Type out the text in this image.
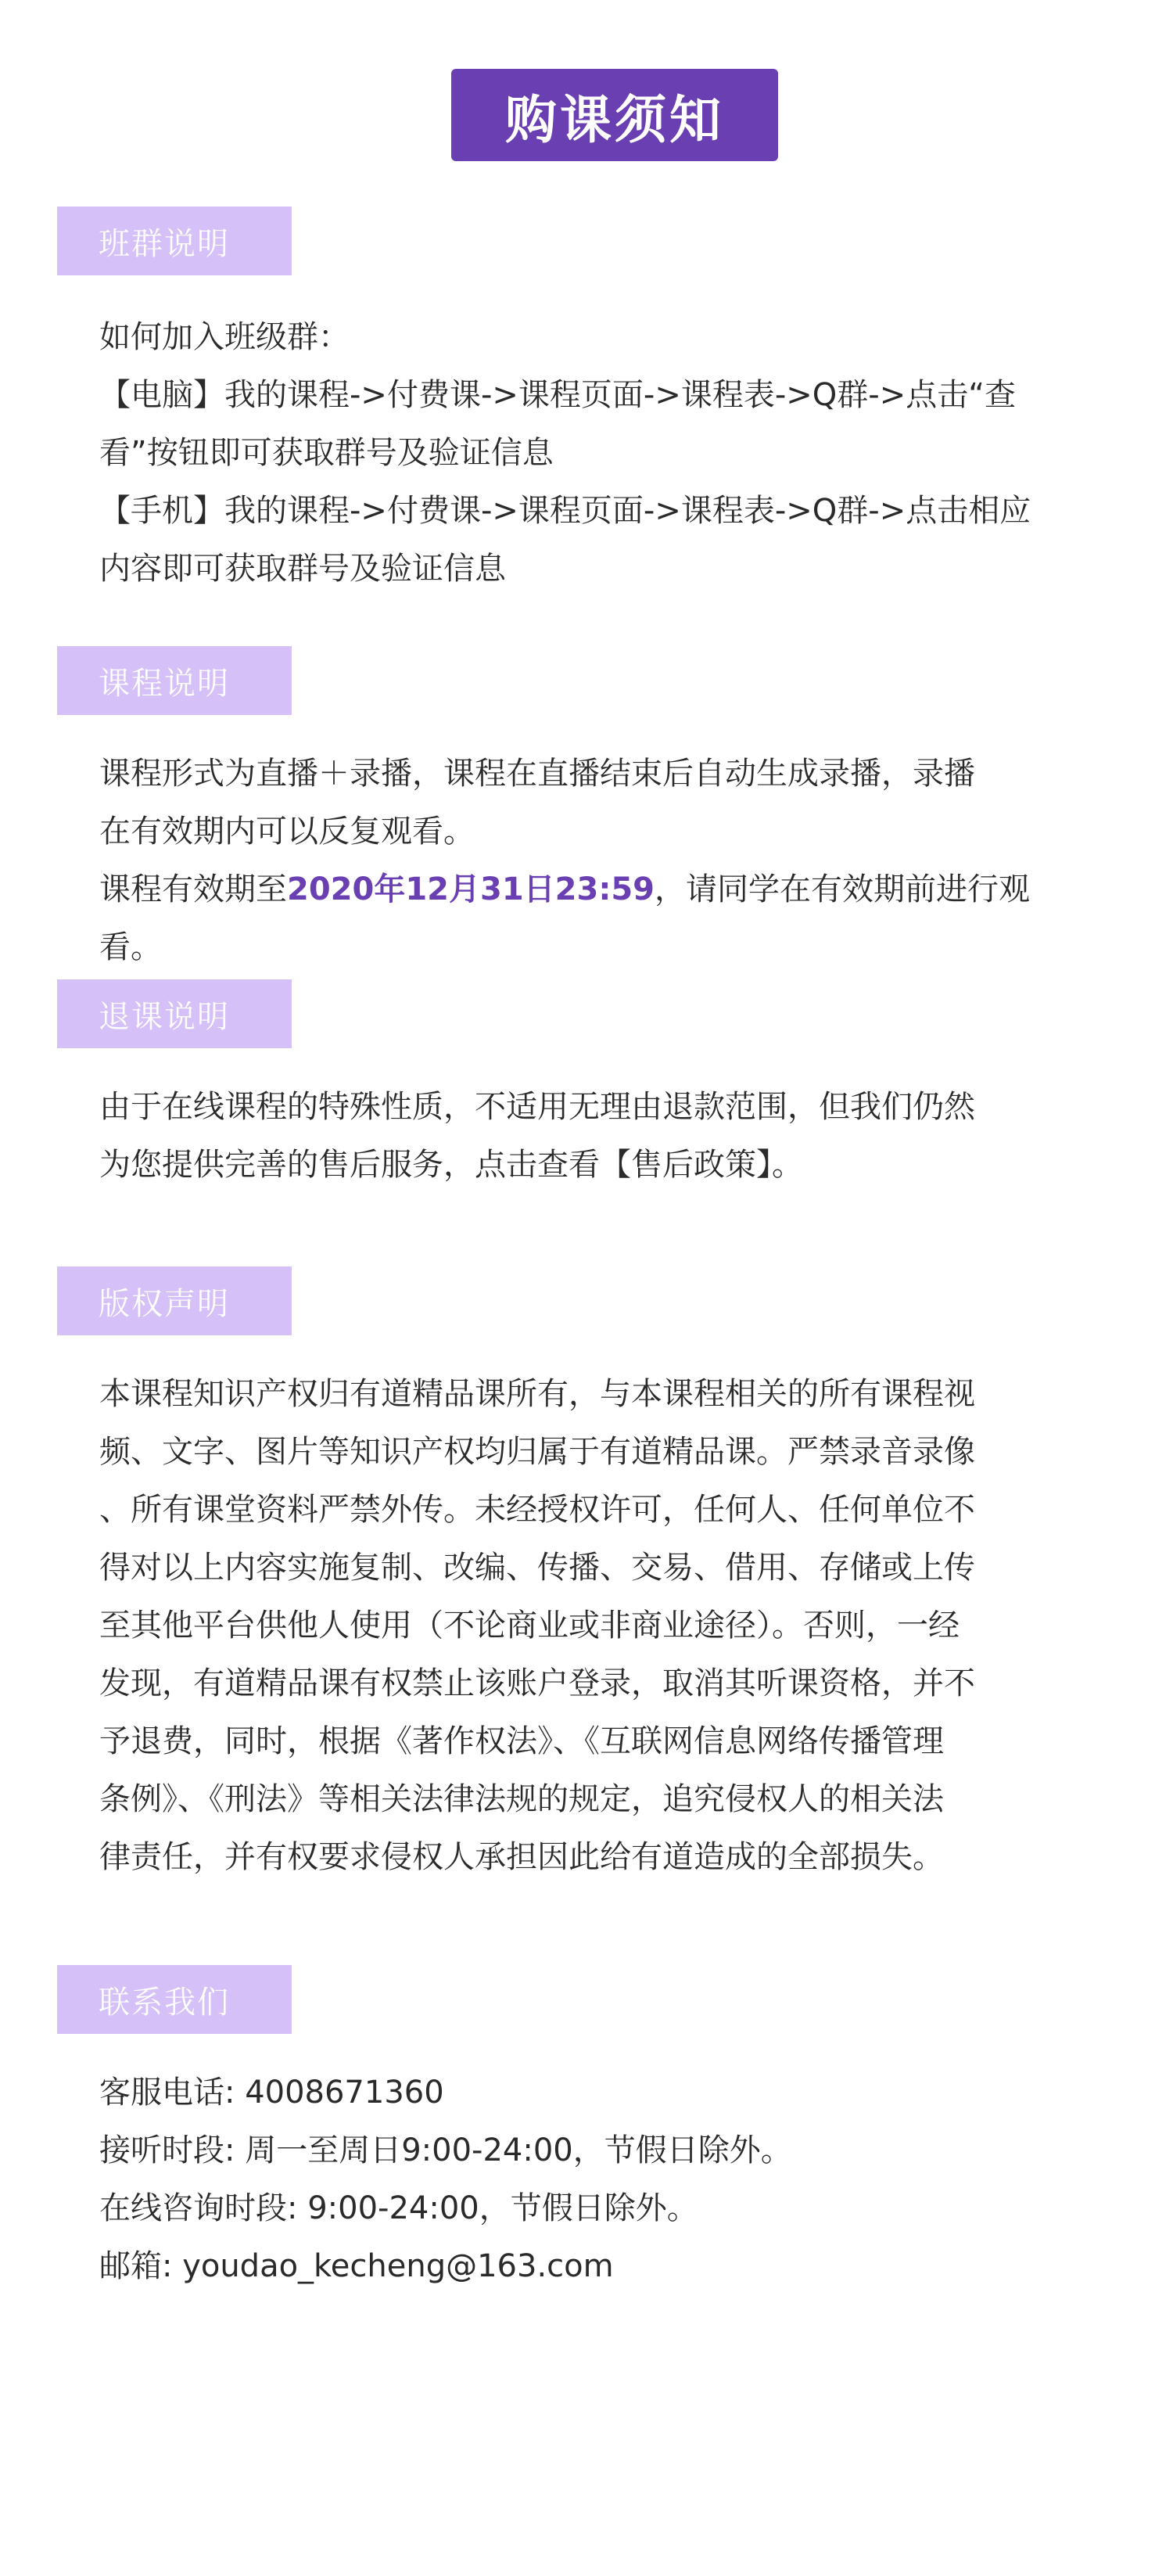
购课须知
班群说明
如何加入班级群：
【电脑】我的课程->付费课->课程页面->课程表->Q群->点击“查
看”按钮即可获取群号及验证信息
【手机】我的课程->付费课->课程页面->课程表->Q群->点击相应
内容即可获取群号及验证信息
课程说明
课程形式为直播＋录播，课程在直播结束后自动生成录播，录播
在有效期内可以反复观看。
课程有效期至2020年12月31日23:59，请同学在有效期前进行观
看。
退课说明
由于在线课程的特殊性质，不适用无理由退款范围，但我们仍然
为您提供完善的售后服务，点击查看【售后政策】。
版权声明
本课程知识产权归有道精品课所有，与本课程相关的所有课程视
频、文字、图片等知识产权均归属于有道精品课。严禁录音录像
、所有课堂资料严禁外传。未经授权许可，任何人、任何单位不
得对以上内容实施复制、改编、传播、交易、借用、存储或上传
至其他平台供他人使用（不论商业或非商业途径）。否则，一经
发现，有道精品课有权禁止该账户登录，取消其听课资格，并不
予退费，同时，根据《著作权法》、《互联网信息网络传播管理
条例》、《刑法》等相关法律法规的规定，追究侵权人的相关法
律责任，并有权要求侵权人承担因此给有道造成的全部损失。
联系我们
客服电话: 4008671360
接听时段: 周一至周日9:00-24:00，节假日除外。
在线咨询时段: 9:00-24:00，节假日除外。
邮箱: youdao_kecheng@163.com
